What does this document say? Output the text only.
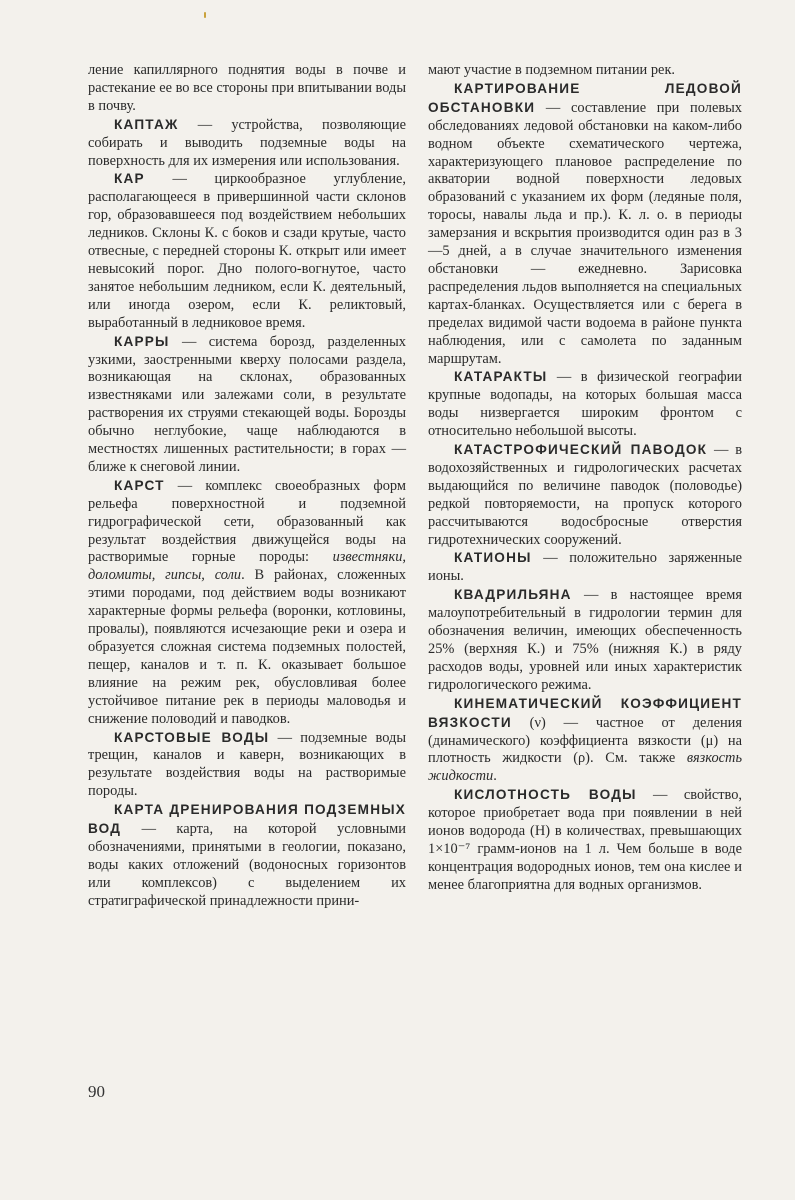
ление капиллярного поднятия воды в почве и растекание ее во все стороны при впитывании воды в почву.

КАПТАЖ — устройства, позволяющие собирать и выводить подземные воды на поверхность для их измерения или использования.

КАР — циркообразное углубление, располагающееся в привершинной части склонов гор, образовавшееся под воздействием небольших ледников. Склоны К. с боков и сзади крутые, часто отвесные, с передней стороны К. открыт или имеет невысокий порог. Дно полого-вогнутое, часто занятое небольшим ледником, если К. деятельный, или иногда озером, если К. реликтовый, выработанный в ледниковое время.

КАРРЫ — система борозд, разделенных узкими, заостренными кверху полосами раздела, возникающая на склонах, образованных известняками или залежами соли, в результате растворения их струями стекающей воды. Борозды обычно неглубокие, чаще наблюдаются в местностях лишенных растительности; в горах — ближе к снеговой линии.

КАРСТ — комплекс своеобразных форм рельефа поверхностной и подземной гидрографической сети, образованный как результат воздействия движущейся воды на растворимые горные породы: известняки, доломиты, гипсы, соли. В районах, сложенных этими породами, под действием воды возникают характерные формы рельефа (воронки, котловины, провалы), появляются исчезающие реки и озера и образуется сложная система подземных полостей, пещер, каналов и т. п. К. оказывает большое влияние на режим рек, обусловливая более устойчивое питание рек в периоды маловодья и снижение половодий и паводков.

КАРСТОВЫЕ ВОДЫ — подземные воды трещин, каналов и каверн, возникающих в результате воздействия воды на растворимые породы.

КАРТА ДРЕНИРОВАНИЯ ПОДЗЕМНЫХ ВОД — карта, на которой условными обозначениями, принятыми в геологии, показано, воды каких отложений (водоносных горизонтов или комплексов) с выделением их стратиграфической принадлежности прини-

мают участие в подземном питании рек.

КАРТИРОВАНИЕ ЛЕДОВОЙ ОБСТАНОВКИ — составление при полевых обследованиях ледовой обстановки на каком-либо водном объекте схематического чертежа, характеризующего плановое распределение по акватории водной поверхности ледовых образований с указанием их форм (ледяные поля, торосы, навалы льда и пр.). К. л. о. в периоды замерзания и вскрытия производится один раз в 3—5 дней, а в случае значительного изменения обстановки — ежедневно. Зарисовка распределения льдов выполняется на специальных картах-бланках. Осуществляется или с берега в пределах видимой части водоема в районе пункта наблюдения, или с самолета по заданным маршрутам.

КАТАРАКТЫ — в физической географии крупные водопады, на которых большая масса воды низвергается широким фронтом с относительно небольшой высоты.

КАТАСТРОФИЧЕСКИЙ ПАВОДОК — в водохозяйственных и гидрологических расчетах выдающийся по величине паводок (половодье) редкой повторяемости, на пропуск которого рассчитываются водосбросные отверстия гидротехнических сооружений.

КАТИОНЫ — положительно заряженные ионы.

КВАДРИЛЬЯНА — в настоящее время малоупотребительный в гидрологии термин для обозначения величин, имеющих обеспеченность 25% (верхняя К.) и 75% (нижняя К.) в ряду расходов воды, уровней или иных характеристик гидрологического режима.

КИНЕМАТИЧЕСКИЙ КОЭФФИЦИЕНТ ВЯЗКОСТИ (ν) — частное от деления (динамического) коэффициента вязкости (μ) на плотность жидкости (ρ). См. также вязкость жидкости.

КИСЛОТНОСТЬ ВОДЫ — свойство, которое приобретает вода при появлении в ней ионов водорода (Н) в количествах, превышающих 1×10⁻⁷ грамм-ионов на 1 л. Чем больше в воде концентрация водородных ионов, тем она кислее и менее благоприятна для водных организмов.

90
